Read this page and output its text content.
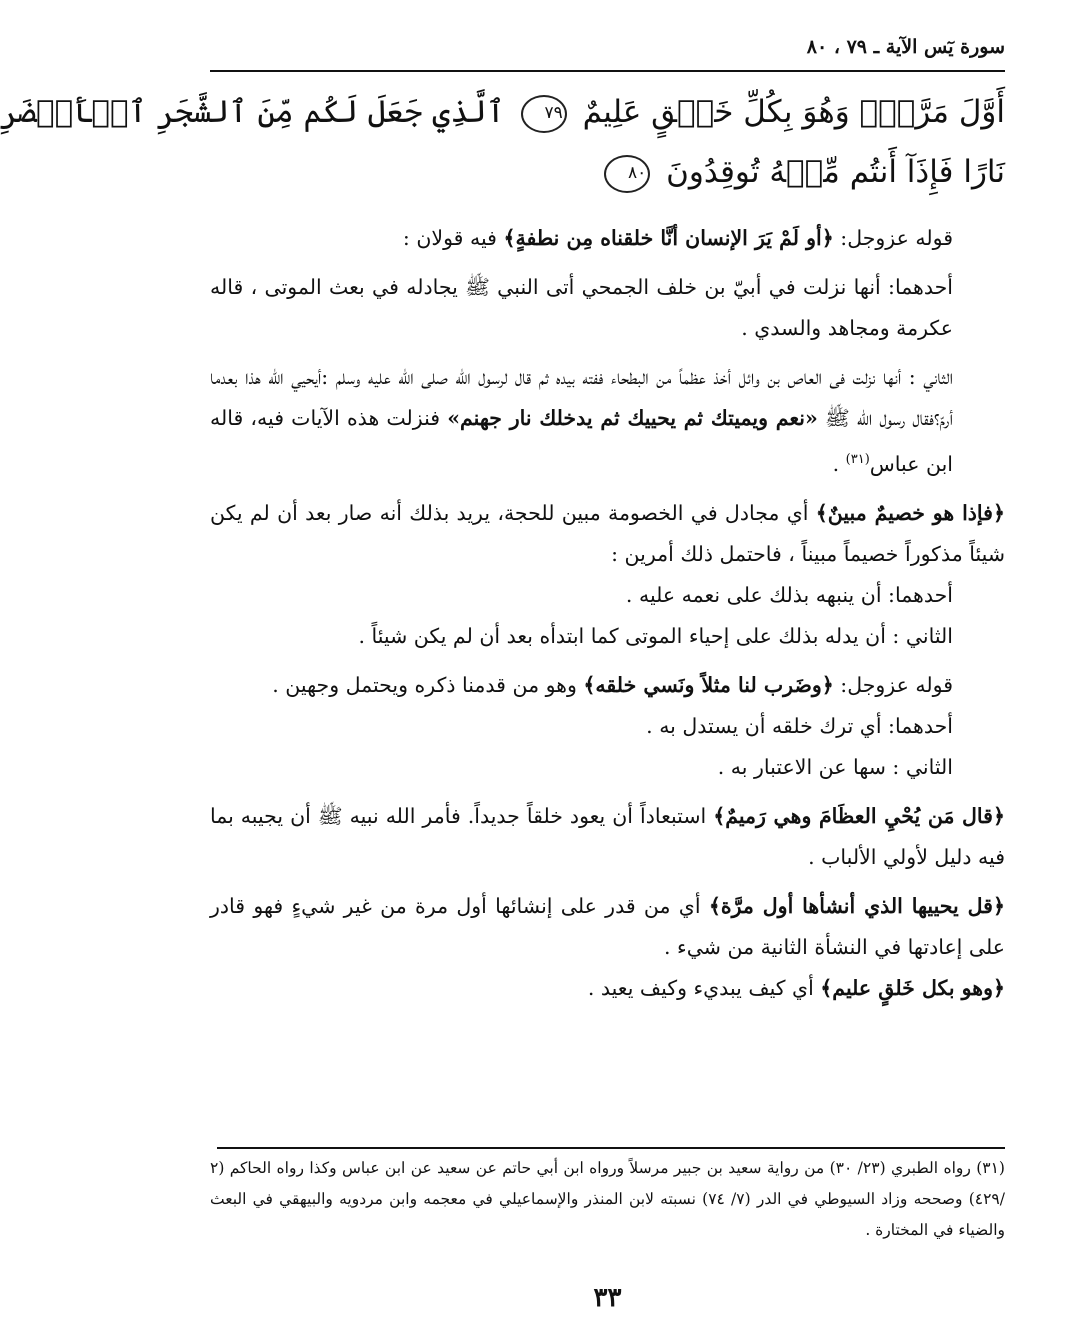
سورة يٓس الآية ـ ٧٩ ، ٨٠
أَوَّلَ مَرَّةٍۖ وَهُوَ بِكُلِّ خَلۡقٍ عَلِيمٌ ٧٩ ٱلَّذِي جَعَلَ لَكُم مِّنَ ٱلشَّجَرِ ٱلۡأَخۡضَرِ
نَارًا فَإِذَآ أَنتُم مِّنۡهُ تُوقِدُونَ ٨٠

قوله عزوجل: ﴿أو لَمْ يَرَ الإنسان أنَّا خلقناه مِن نطفةٍ﴾ فيه قولان :

أحدهما: أنها نزلت في أبيّ بن خلف الجمحي أتى النبي ﷺ يجادله في بعث الموتى ، قاله عكرمة ومجاهد والسدي .

الثاني : أنها نزلت فى العاص بن وائل أخذ عظماً من البطحاء ففته بيده ثم قال لرسول اللّه صلى اللّه عليه وسلم :أيحيي اللّه هذا بعدما أرمّ؟فقال رسول الله ﷺ «نعم ويميتك ثم يحييك ثم يدخلك نار جهنم» فنزلت هذه الآيات فيه، قاله ابن عباس$^{(٣١)}$ .

﴿فإذا هو خصيمٌ مبينٌ﴾ أي مجادل في الخصومة مبين للحجة، يريد بذلك أنه صار بعد أن لم يكن شيئاً مذكوراً خصيماً مبيناً ، فاحتمل ذلك أمرين :

أحدهما: أن ينبهه بذلك على نعمه عليه .

الثاني : أن يدله بذلك على إحياء الموتى كما ابتدأه بعد أن لم يكن شيئاً .

قوله عزوجل: ﴿وضَرب لنا مثلاً ونَسي خلقه﴾ وهو من قدمنا ذكره ويحتمل وجهين .

أحدهما: أي ترك خلقه أن يستدل به .

الثاني : سها عن الاعتبار به .

﴿قال مَن يُحْيِ العظَامَ وهي رَميمٌ﴾ استبعاداً أن يعود خلقاً جديداً. فأمر الله نبيه ﷺ أن يجيبه بما فيه دليل لأولي الألباب .

﴿قل يحييها الذي أنشأها أول مرَّة﴾ أي من قدر على إنشائها أول مرة من غير شيءٍ فهو قادر على إعادتها في النشأة الثانية من شيء .

﴿وهو بكل خَلقٍ عليم﴾ أي كيف يبديء وكيف يعيد .

(٣١) رواه الطبري (٢٣/ ٣٠) من رواية سعيد بن جبير مرسلاً ورواه ابن أبي حاتم عن سعيد عن ابن عباس وكذا رواه الحاكم (٢ /٤٢٩) وصححه وزاد السيوطي في الدر (٧/ ٧٤) نسبته لابن المنذر والإسماعيلي في معجمه وابن مردويه والبيهقي في البعث والضياء في المختارة .
٣٣
